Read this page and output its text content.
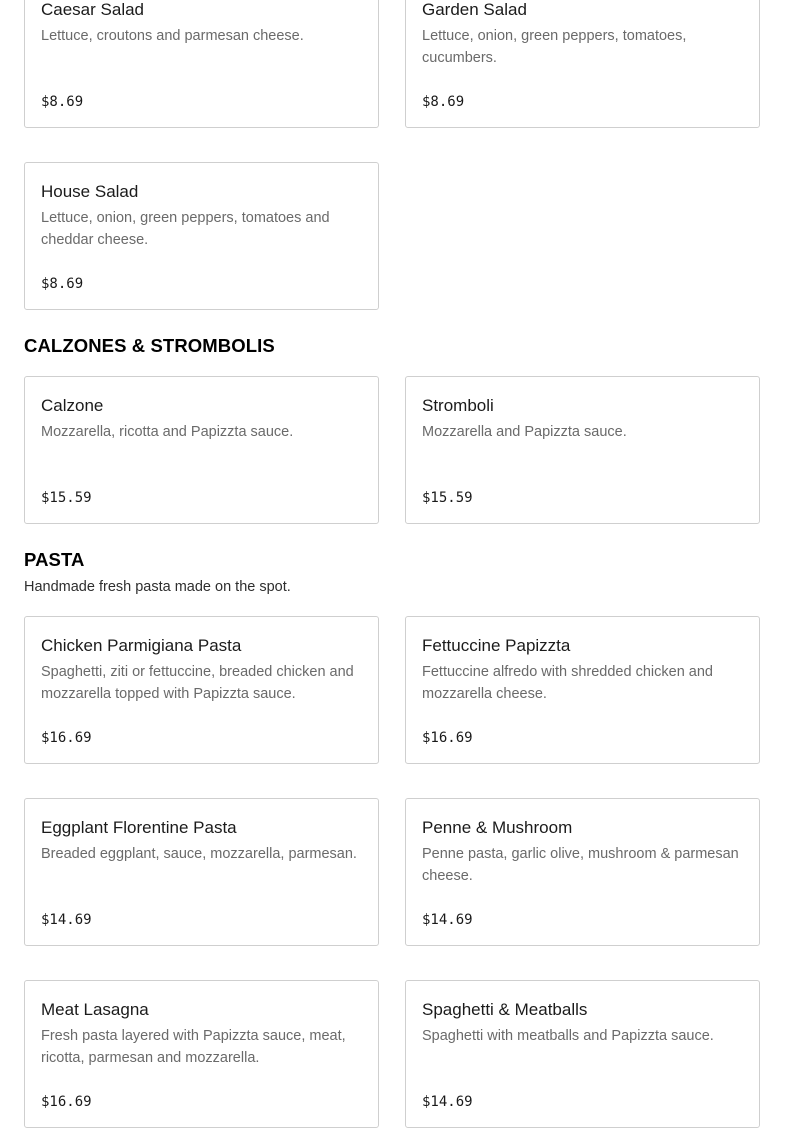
Caesar Salad
Lettuce, croutons and parmesan cheese.
$8.69
Garden Salad
Lettuce, onion, green peppers, tomatoes, cucumbers.
$8.69
House Salad
Lettuce, onion, green peppers, tomatoes and cheddar cheese.
$8.69
CALZONES & STROMBOLIS
Calzone
Mozzarella, ricotta and Papizzta sauce.
$15.59
Stromboli
Mozzarella and Papizzta sauce.
$15.59
PASTA
Handmade fresh pasta made on the spot.
Chicken Parmigiana Pasta
Spaghetti, ziti or fettuccine, breaded chicken and mozzarella topped with Papizzta sauce.
$16.69
Fettuccine Papizzta
Fettuccine alfredo with shredded chicken and mozzarella cheese.
$16.69
Eggplant Florentine Pasta
Breaded eggplant, sauce, mozzarella, parmesan.
$14.69
Penne & Mushroom
Penne pasta, garlic olive, mushroom & parmesan cheese.
$14.69
Meat Lasagna
Fresh pasta layered with Papizzta sauce, meat, ricotta, parmesan and mozzarella.
$16.69
Spaghetti & Meatballs
Spaghetti with meatballs and Papizzta sauce.
$14.69
